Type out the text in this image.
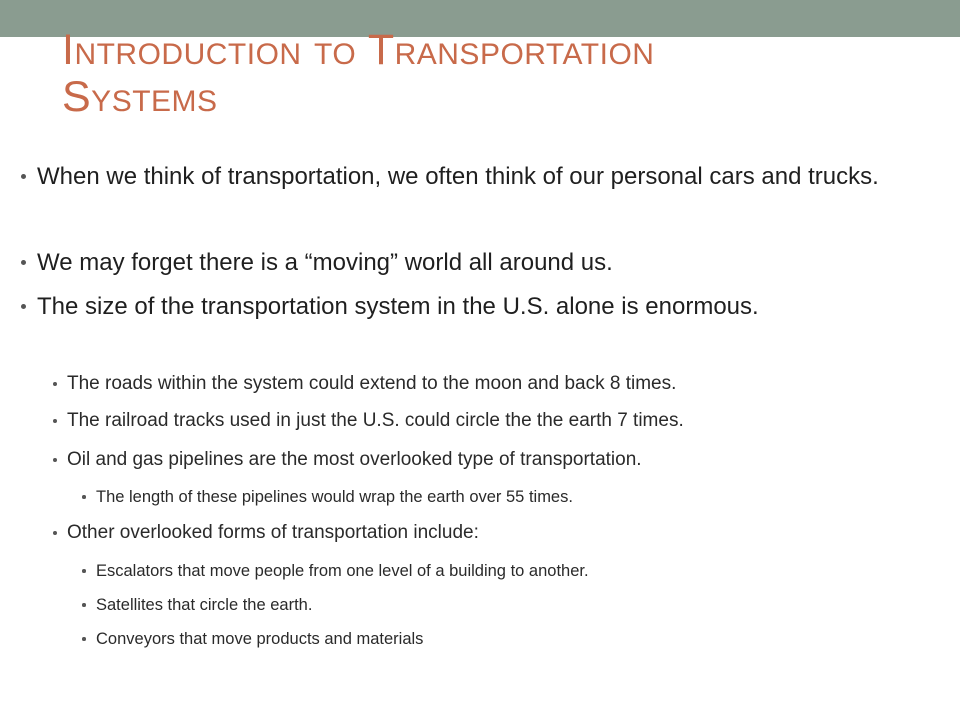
Introduction to Transportation
Systems

When we think of transportation, we often think of our personal cars and trucks.

We may forget there is a “moving” world all around us.

The size of the transportation system in the U.S. alone is enormous.

The roads within the system could extend to the moon and back 8 times.

The railroad tracks used in just the U.S. could circle the the earth 7 times.

Oil and gas pipelines are the most overlooked type of transportation.

The length of these pipelines would wrap the earth over 55 times.

Other overlooked forms of transportation include:

Escalators that move people from one level of a building to another.

Satellites that circle the earth.

Conveyors that move products and materials
